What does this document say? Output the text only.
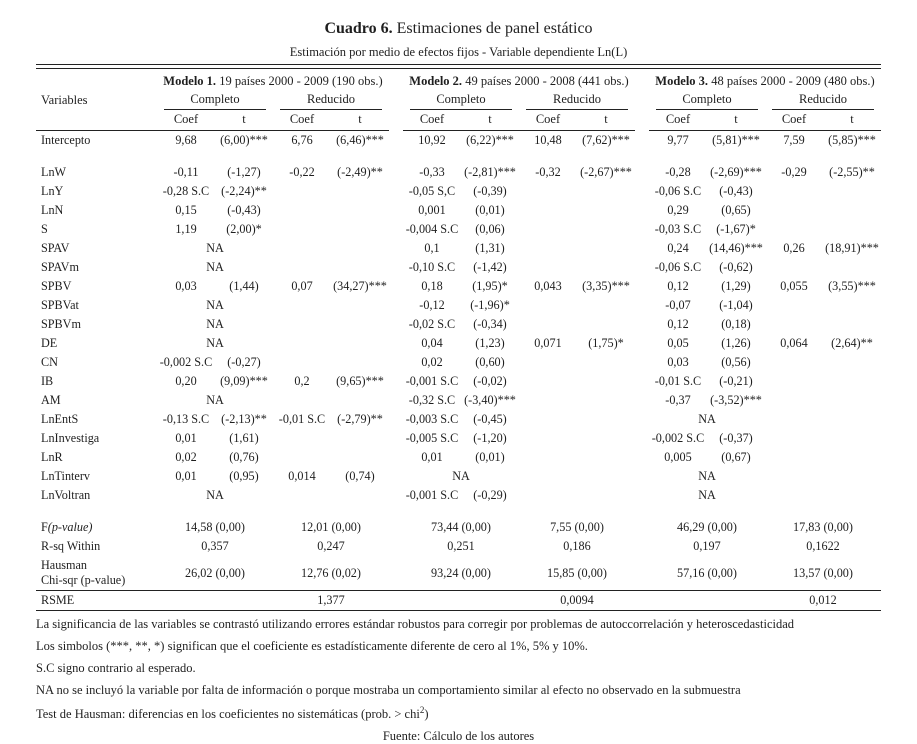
Cuadro 6. Estimaciones de panel estático
Estimación por medio de efectos fijos - Variable dependiente Ln(L)
Variables	Modelo 1. 19 países 2000 - 2009 (190 obs.)					Modelo 2. 49 países 2000 - 2008 (441 obs.)					Modelo 3. 48 países 2000 - 2009 (480 obs.)			

	Completo		Reducido			Completo		Reducido			Completo		Reducido	

	Coef	t	Coef	t		Coef	t	Coef	t		Coef	t	Coef	t
Intercepto	9,68	(6,00)***	6,76	(6,46)***		10,92	(6,22)***	10,48	(7,62)***		9,77	(5,81)***	7,59	(5,85)***

LnW	-0,11	(-1,27)	-0,22	(-2,49)**		-0,33	(-2,81)***	-0,32	(-2,67)***		-0,28	(-2,69)***	-0,29	(-2,55)**
LnY	-0,28 S.C	(-2,24)**				-0,05 S,C	(-0,39)				-0,06 S.C	(-0,43)		
LnN	0,15	(-0,43)				0,001	(0,01)				0,29	(0,65)		
S	1,19	(2,00)*				-0,004 S.C	(0,06)				-0,03 S.C	(-1,67)*		
SPAV	NA					0,1	(1,31)				0,24	(14,46)***	0,26	(18,91)***
SPAVm	NA					-0,10 S.C	(-1,42)				-0,06 S.C	(-0,62)		
SPBV	0,03	(1,44)	0,07	(34,27)***		0,18	(1,95)*	0,043	(3,35)***		0,12	(1,29)	0,055	(3,55)***
SPBVat	NA					-0,12	(-1,96)*				-0,07	(-1,04)		
SPBVm	NA					-0,02 S.C	(-0,34)				0,12	(0,18)		
DE	NA					0,04	(1,23)	0,071	(1,75)*		0,05	(1,26)	0,064	(2,64)**
CN	-0,002 S.C	(-0,27)				0,02	(0,60)				0,03	(0,56)		
IB	0,20	(9,09)***	0,2	(9,65)***		-0,001 S.C	(-0,02)				-0,01 S.C	(-0,21)		
AM	NA					-0,32 S.C	(-3,40)***				-0,37	(-3,52)***		
LnEntS	-0,13 S.C	(-2,13)**	-0,01 S.C	(-2,79)**		-0,003 S.C	(-0,45)				NA			
LnInvestiga	0,01	(1,61)				-0,005 S.C	(-1,20)				-0,002 S.C	(-0,37)		
LnR	0,02	(0,76)				0,01	(0,01)				0,005	(0,67)		
LnTinterv	0,01	(0,95)	0,014	(0,74)		NA					NA			
LnVoltran	NA					-0,001 S.C	(-0,29)				NA			

F(p-value)	14,58 (0,00)		12,01 (0,00)			73,44 (0,00)		7,55 (0,00)			46,29 (0,00)		17,83 (0,00)	
R-sq Within	0,357		0,247			0,251		0,186			0,197		0,1622	

Hausman
Chi-sqr (p-value)	26,02 (0,00)		12,76 (0,02)			93,24 (0,00)		15,85 (0,00)			57,16 (0,00)		13,57 (0,00)	
RSME			1,377					0,0094					0,012	

La significancia de las variables se contrastó utilizando errores estándar robustos para corregir por problemas de autoccorrelación y heteroscedasticidad

Los simbolos (***, **, *) significan que el coeficiente es estadísticamente diferente de cero al 1%, 5% y 10%.

S.C signo contrario al esperado.

NA no se incluyó la variable por falta de información o porque mostraba un comportamiento similar al efecto no observado en la submuestra

Test de Hausman: diferencias en los coeficientes no sistemáticas (prob. > chi$^2$)

Fuente: Cálculo de los autores
